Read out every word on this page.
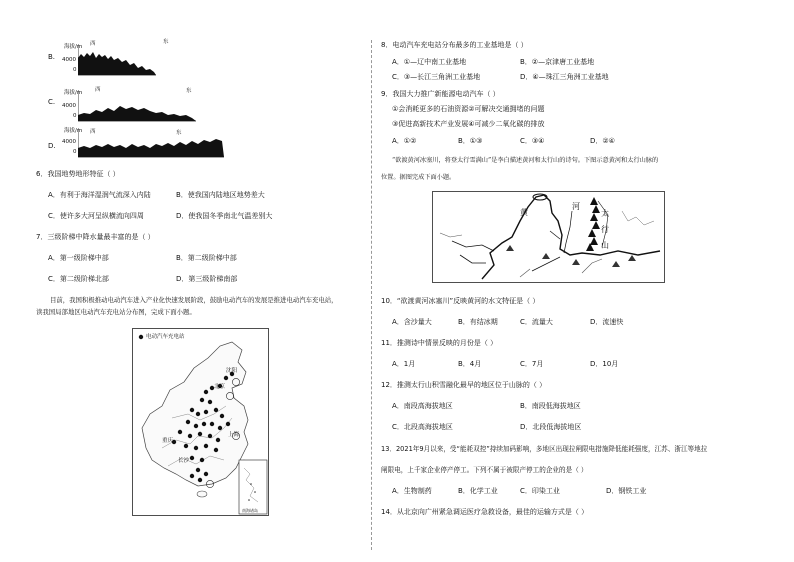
B.
海拔/m 西	东
4000
0
C.
海拔/m 西	东
4000
0
D.
海拔/m 西	东
4000
0
6．我国地势地形特征（ ）
A．有利于海洋湿润气流深入内陆	B．使我国内陆地区地势差大
C．使许多大河呈纵横流向四周	D．使我国冬季南北气温差别大
7．三级阶梯中降水量最丰富的是（ ）
A．第一级阶梯中部	B．第二级阶梯中部
C．第二级阶梯北部	D．第三级阶梯南部
目前，我国积极推动电动汽车进入产业化快速发展阶段，鼓励电动汽车的发展是推进电动汽车充电站，
读我国局部地区电动汽车充电站分布图，完成下面小题。
电动汽车充电站
沈阳
北京
重庆
上海
长沙
南海诸岛
8．电动汽车充电站分布最多的工业基地是（ ）
A．①—辽中南工业基地	B．②—京津唐工业基地
C．③—长江三角洲工业基地	D．④—珠江三角洲工业基地
9．我国大力推广新能源电动汽车（ ）
①会消耗更多的石油资源②可解决交通拥堵的问题
③促进高新技术产业发展④可减少二氧化碳的排放
A．①②	B．①③	C．③④	D．②④
“欲渡黄河冰塞川，将登太行雪满山”是李白描述黄河和太行山的诗句。下图示意黄河和太行山脉的
位置。据图完成下面小题。
黄
河
太
行
山
10．“欲渡黄河冰塞川”反映黄河的水文特征是（ ）
A．含沙量大	B．有结冰期	C．流量大	D．流速快
11．推测诗中情景反映的月份是（ ）
A．1月	B．4月	C．7月	D．10月
12．推测太行山积雪融化最早的地区位于山脉的（ ）
A．南段高海拔地区	B．南段低海拔地区
C．北段高海拔地区	D．北段低海拔地区
13．2021年9月以来，受“能耗双控”持续加码影响，多地区出现拉闸限电措施降低能耗强度，江苏、浙江等地拉
闸限电，上千家企业停产停工。下列不属于被限产停工的企业的是（ ）
A．生物制药	B．化学工业	C．印染工业	D．钢铁工业
14．从北京向广州紧急调运医疗急救设备，最佳的运输方式是（ ）
